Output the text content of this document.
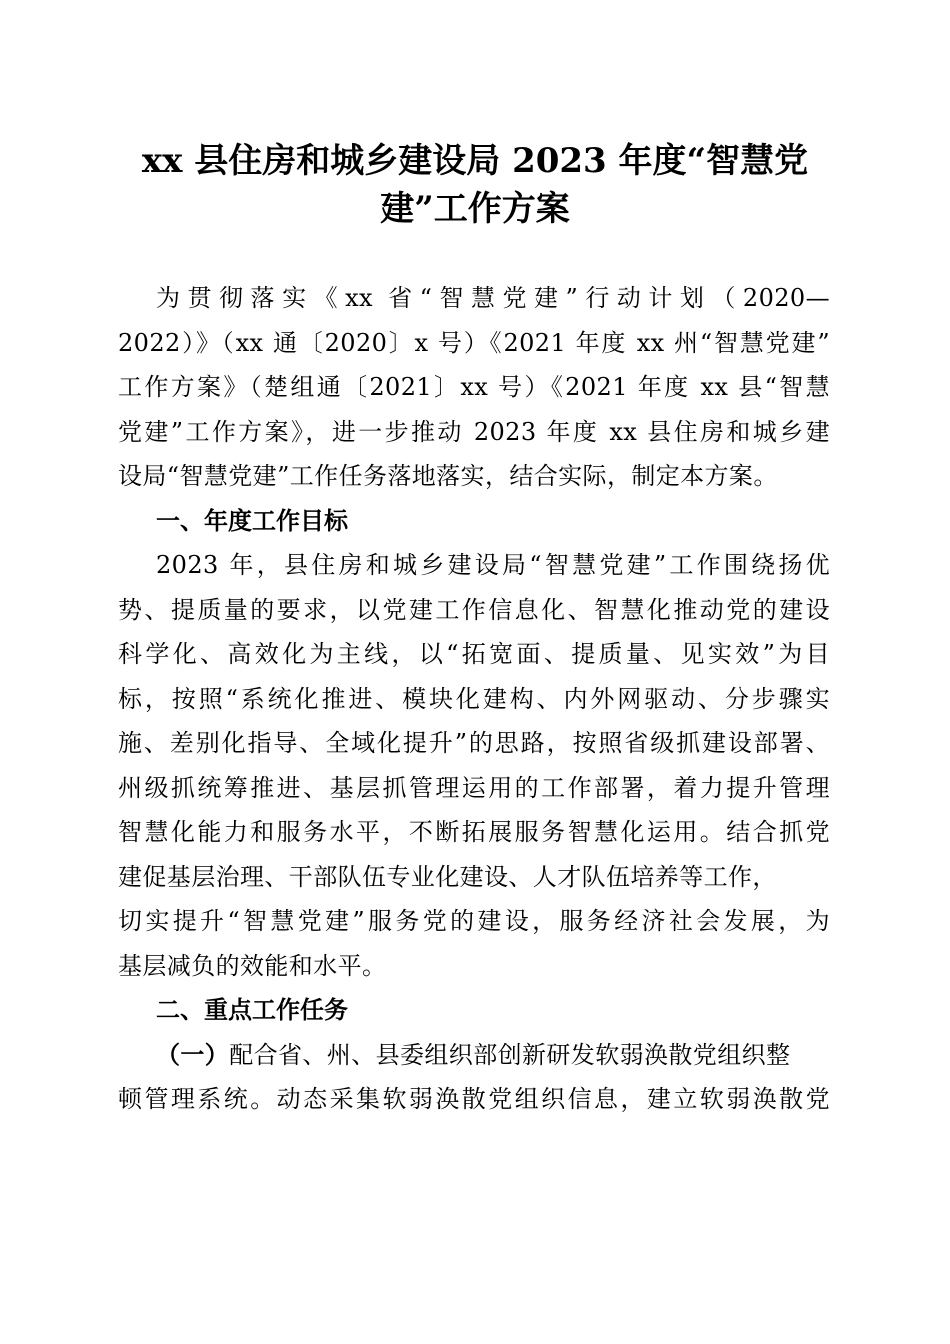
xx 县住房和城乡建设局 2023 年度“智慧党
建”工作方案

为贯彻落实《xx 省“智慧党建”行动计划（2020—
2022）》（xx 通〔2020〕x 号）《2021 年度 xx 州“智慧党建”
工作方案》（楚组通〔2021〕xx 号）《2021 年度 xx 县“智慧
党建”工作方案》，进一步推动 2023 年度 xx 县住房和城乡建
设局“智慧党建”工作任务落地落实，结合实际，制定本方案。

一、年度工作目标

2023 年，县住房和城乡建设局“智慧党建”工作围绕扬优
势、提质量的要求，以党建工作信息化、智慧化推动党的建设
科学化、高效化为主线，以“拓宽面、提质量、见实效”为目
标，按照“系统化推进、模块化建构、内外网驱动、分步骤实
施、差别化指导、全域化提升”的思路，按照省级抓建设部署、
州级抓统筹推进、基层抓管理运用的工作部署，着力提升管理
智慧化能力和服务水平，不断拓展服务智慧化运用。结合抓党
建促基层治理、干部队伍专业化建设、人才队伍培养等工作，
切实提升“智慧党建”服务党的建设，服务经济社会发展，为
基层减负的效能和水平。

二、重点工作任务

（一）配合省、州、县委组织部创新研发软弱涣散党组织整
顿管理系统。动态采集软弱涣散党组织信息，建立软弱涣散党
